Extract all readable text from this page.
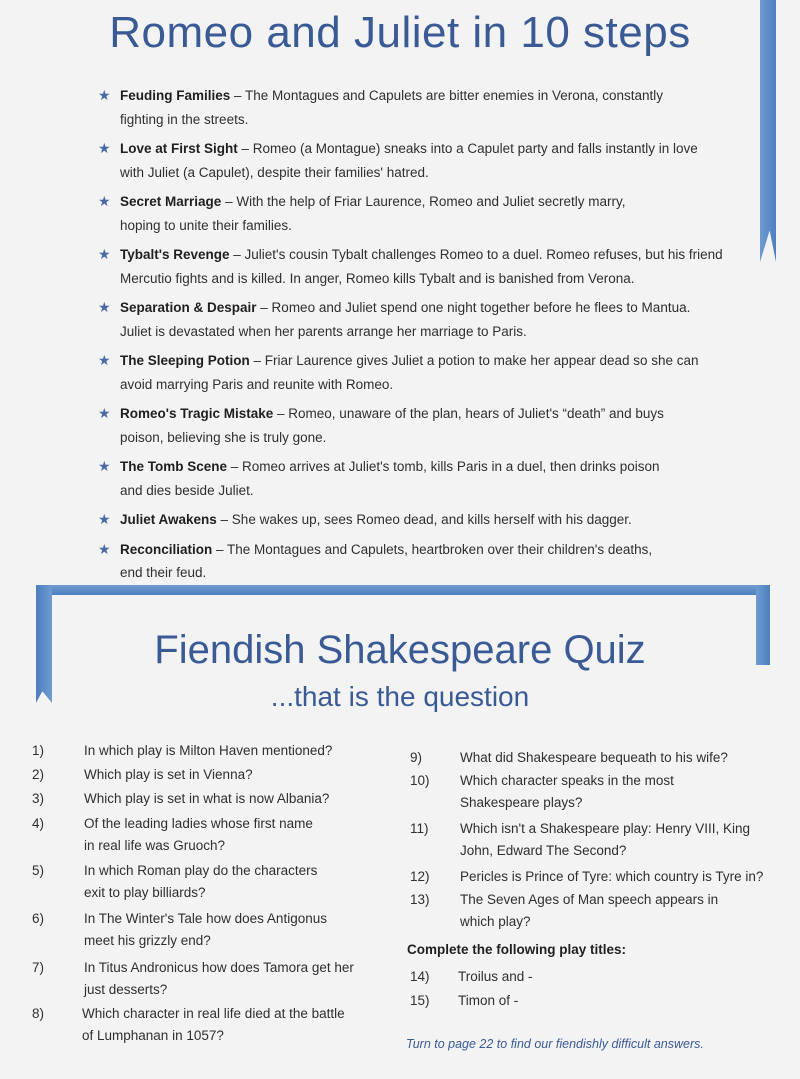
Romeo and Juliet in 10 steps
★ Feuding Families – The Montagues and Capulets are bitter enemies in Verona, constantly
fighting in the streets.
★ Love at First Sight – Romeo (a Montague) sneaks into a Capulet party and falls instantly in love
with Juliet (a Capulet), despite their families' hatred.
★ Secret Marriage – With the help of Friar Laurence, Romeo and Juliet secretly marry,
hoping to unite their families.
★ Tybalt's Revenge – Juliet's cousin Tybalt challenges Romeo to a duel. Romeo refuses, but his friend
Mercutio fights and is killed. In anger, Romeo kills Tybalt and is banished from Verona.
★ Separation & Despair – Romeo and Juliet spend one night together before he flees to Mantua.
Juliet is devastated when her parents arrange her marriage to Paris.
★ The Sleeping Potion – Friar Laurence gives Juliet a potion to make her appear dead so she can
avoid marrying Paris and reunite with Romeo.
★ Romeo's Tragic Mistake – Romeo, unaware of the plan, hears of Juliet's “death” and buys
poison, believing she is truly gone.
★ The Tomb Scene – Romeo arrives at Juliet's tomb, kills Paris in a duel, then drinks poison
and dies beside Juliet.
★ Juliet Awakens – She wakes up, sees Romeo dead, and kills herself with his dagger.
★ Reconciliation – The Montagues and Capulets, heartbroken over their children's deaths,
end their feud.
Fiendish Shakespeare Quiz
...that is the question
1)	In which play is Milton Haven mentioned?
2)	Which play is set in Vienna?
3)	Which play is set in what is now Albania?
4)	Of the leading ladies whose first name
in real life was Gruoch?
5)	In which Roman play do the characters
exit to play billiards?
6)	In The Winter's Tale how does Antigonus
meet his grizzly end?
7)	In Titus Andronicus how does Tamora get her
just desserts?
8)	Which character in real life died at the battle
of Lumphanan in 1057?
9)	What did Shakespeare bequeath to his wife?
10) Which character speaks in the most
Shakespeare plays?
11) Which isn't a Shakespeare play: Henry VIII, King
John, Edward The Second?
12) Pericles is Prince of Tyre: which country is Tyre in?
13) The Seven Ages of Man speech appears in
which play?
Complete the following play titles:
14) Troilus and -
15) Timon of -
Turn to page 22 to find our fiendishly difficult answers.
